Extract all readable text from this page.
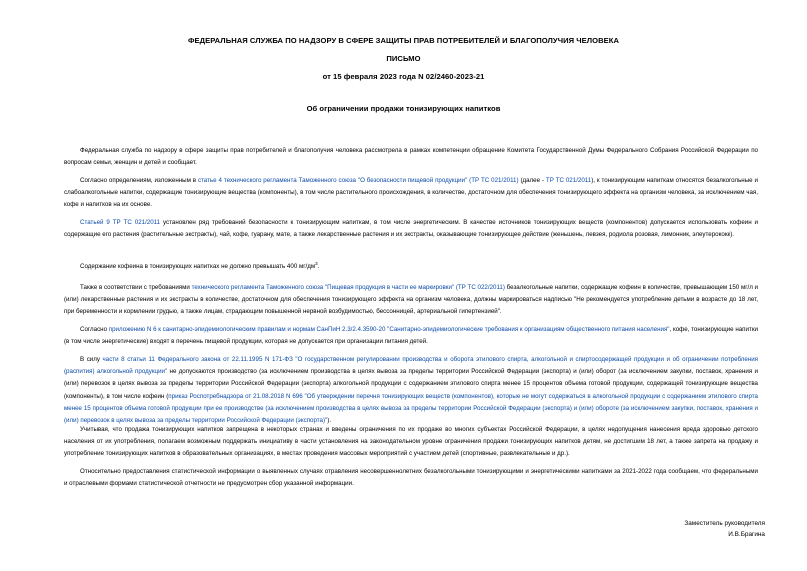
ФЕДЕРАЛЬНАЯ СЛУЖБА ПО НАДЗОРУ В СФЕРЕ ЗАЩИТЫ ПРАВ ПОТРЕБИТЕЛЕЙ И БЛАГОПОЛУЧИЯ ЧЕЛОВЕКА
ПИСЬМО
от 15 февраля 2023 года N 02/2460-2023-21
Об ограничении продажи тонизирующих напитков
Федеральная служба по надзору в сфере защиты прав потребителей и благополучия человека рассмотрела в рамках компетенции обращение Комитета Государственной Думы Федерального Собрания Российской Федерации по вопросам семьи, женщин и детей и сообщает.
Согласно определениям, изложенным в статье 4 технического регламента Таможенного союза "О безопасности пищевой продукции" (ТР ТС 021/2011) (далее - ТР ТС 021/2011), к тонизирующим напиткам относятся безалкогольные и слабоалкогольные напитки, содержащие тонизирующие вещества (компоненты), в том числе растительного происхождения, в количестве, достаточном для обеспечения тонизирующего эффекта на организм человека, за исключением чая, кофе и напитков на их основе.
Статьей 9 ТР ТС 021/2011 установлен ряд требований безопасности к тонизирующим напиткам, в том числе энергетическим. В качестве источников тонизирующих веществ (компонентов) допускается использовать кофеин и содержащие его растения (растительные экстракты), чай, кофе, гуарану, мате, а также лекарственные растения и их экстракты, оказывающие тонизирующее действие (женьшень, левзея, родиола розовая, лимонник, элеутерококк).
Содержание кофеина в тонизирующих напитках не должно превышать 400 $мг/дм^3$.
Также в соответствии с требованиями технического регламента Таможенного союза "Пищевая продукция в части ее маркировки" (ТР ТС 022/2011) безалкогольные напитки, содержащие кофеин в количестве, превышающем 150 мг/л и (или) лекарственные растения и их экстракты в количестве, достаточном для обеспечения тонизирующего эффекта на организм человека, должны маркироваться надписью "Не рекомендуется употребление детьми в возрасте до 18 лет, при беременности и кормлении грудью, а также лицам, страдающим повышенной нервной возбудимостью, бессонницей, артериальной гипертензией".
Согласно приложению N 6 к санитарно-эпидемиологическим правилам и нормам СанПиН 2.3/2.4.3590-20 "Санитарно-эпидемиологические требования к организациям общественного питания населения", кофе, тонизирующие напитки (в том числе энергетические) входят в перечень пищевой продукции, которая не допускается при организации питания детей.
В силу части 8 статьи 11 Федерального закона от 22.11.1995 N 171-ФЗ "О государственном регулировании производства и оборота этилового спирта, алкогольной и спиртосодержащей продукции и об ограничении потребления (распития) алкогольной продукции" не допускаются производство (за исключением производства в целях вывоза за пределы территории Российской Федерации (экспорта) и (или) оборот (за исключением закупки, поставок, хранения и (или) перевозок в целях вывоза за пределы территории Российской Федерации (экспорта) алкогольной продукции с содержанием этилового спирта менее 15 процентов объема готовой продукции, содержащей тонизирующие вещества (компоненты), в том числе кофеин (приказ Роспотребнадзора от 21.08.2018 N 696 "Об утверждении перечня тонизирующих веществ (компонентов), которые не могут содержаться в алкогольной продукции с содержанием этилового спирта менее 15 процентов объема готовой продукции при ее производстве (за исключением производства в целях вывоза за пределы территории Российской Федерации (экспорта) и (или) обороте (за исключением закупки, поставок, хранения и (или) перевозок в целях вывоза за пределы территории Российской Федерации (экспорта)").
Учитывая, что продажа тонизирующих напитков запрещена в некоторых странах и введены ограничения по их продаже во многих субъектах Российской Федерации, в целях недопущения нанесения вреда здоровью детского населения от их употребления, полагаем возможным поддержать инициативу в части установления на законодательном уровне ограничения продажи тонизирующих напитков детям, не достигшим 18 лет, а также запрета на продажу и употребление тонизирующих напитков в образовательных организациях, в местах проведения массовых мероприятий с участием детей (спортивные, развлекательные и др.).
Относительно предоставления статистической информации о выявленных случаях отравления несовершеннолетних безалкогольными тонизирующими и энергетическими напитками за 2021-2022 года сообщаем, что федеральными и отраслевыми формами статистической отчетности не предусмотрен сбор указанной информации.
Заместитель руководителя
И.В.Брагина
